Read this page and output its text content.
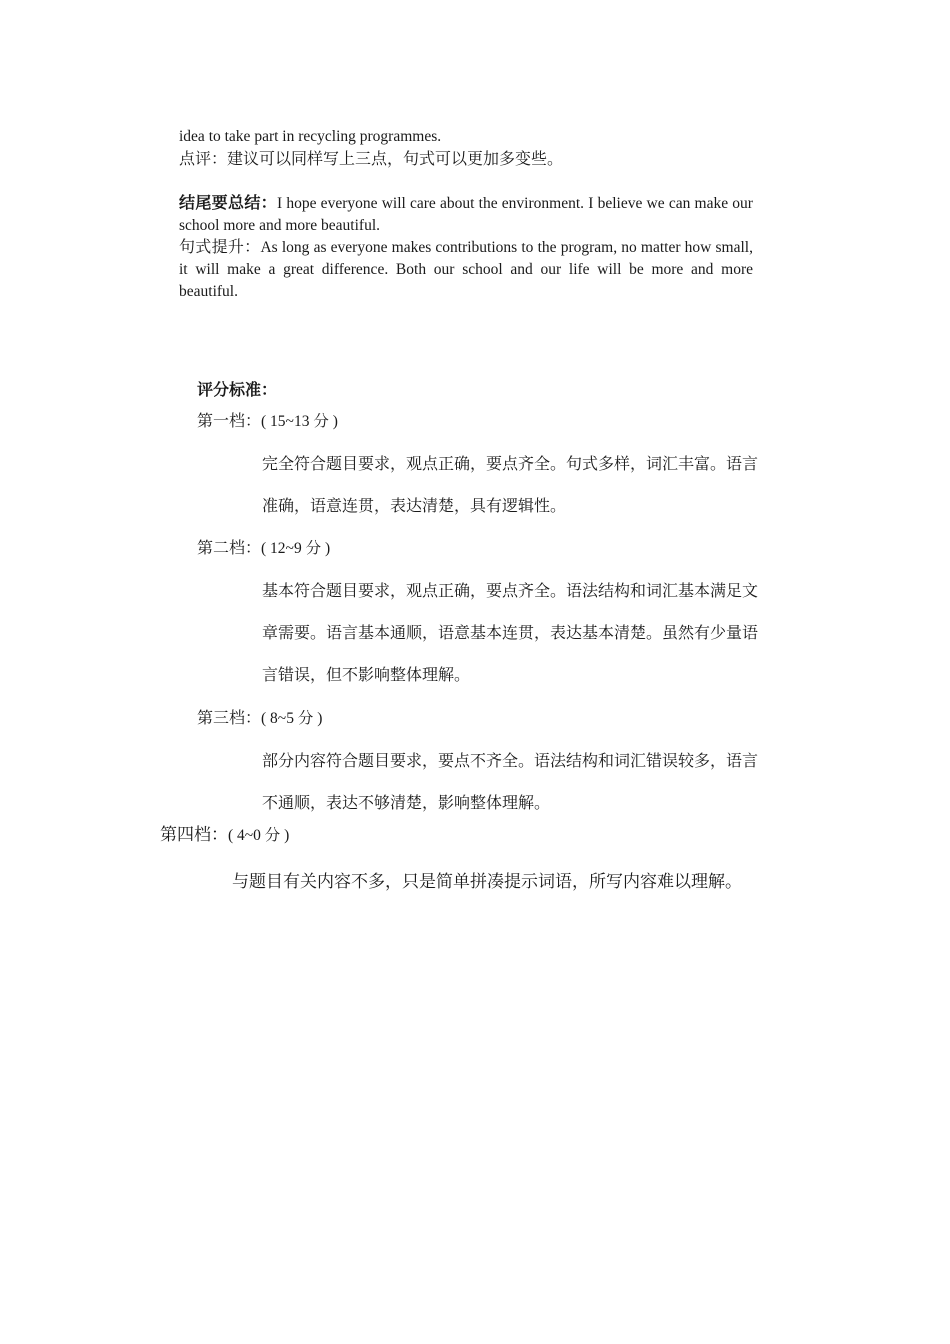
idea to take part in recycling programmes.
点评：建议可以同样写上三点，句式可以更加多变些。
结尾要总结：I hope everyone will care about the environment. I believe we can make our school more and more beautiful.
句式提升：As long as everyone makes contributions to the program, no matter how small, it will make a great difference. Both our school and our life will be more and more beautiful.
评分标准：
第一档：( 15~13 分 )
完全符合题目要求，观点正确，要点齐全。句式多样，词汇丰富。语言
准确，语意连贯，表达清楚，具有逻辑性。
第二档：( 12~9 分 )
基本符合题目要求，观点正确，要点齐全。语法结构和词汇基本满足文
章需要。语言基本通顺，语意基本连贯，表达基本清楚。虽然有少量语
言错误，但不影响整体理解。
第三档：( 8~5 分 )
部分内容符合题目要求，要点不齐全。语法结构和词汇错误较多，语言
不通顺，表达不够清楚，影响整体理解。
第四档：( 4~0 分 )
与题目有关内容不多，只是简单拼凑提示词语，所写内容难以理解。
